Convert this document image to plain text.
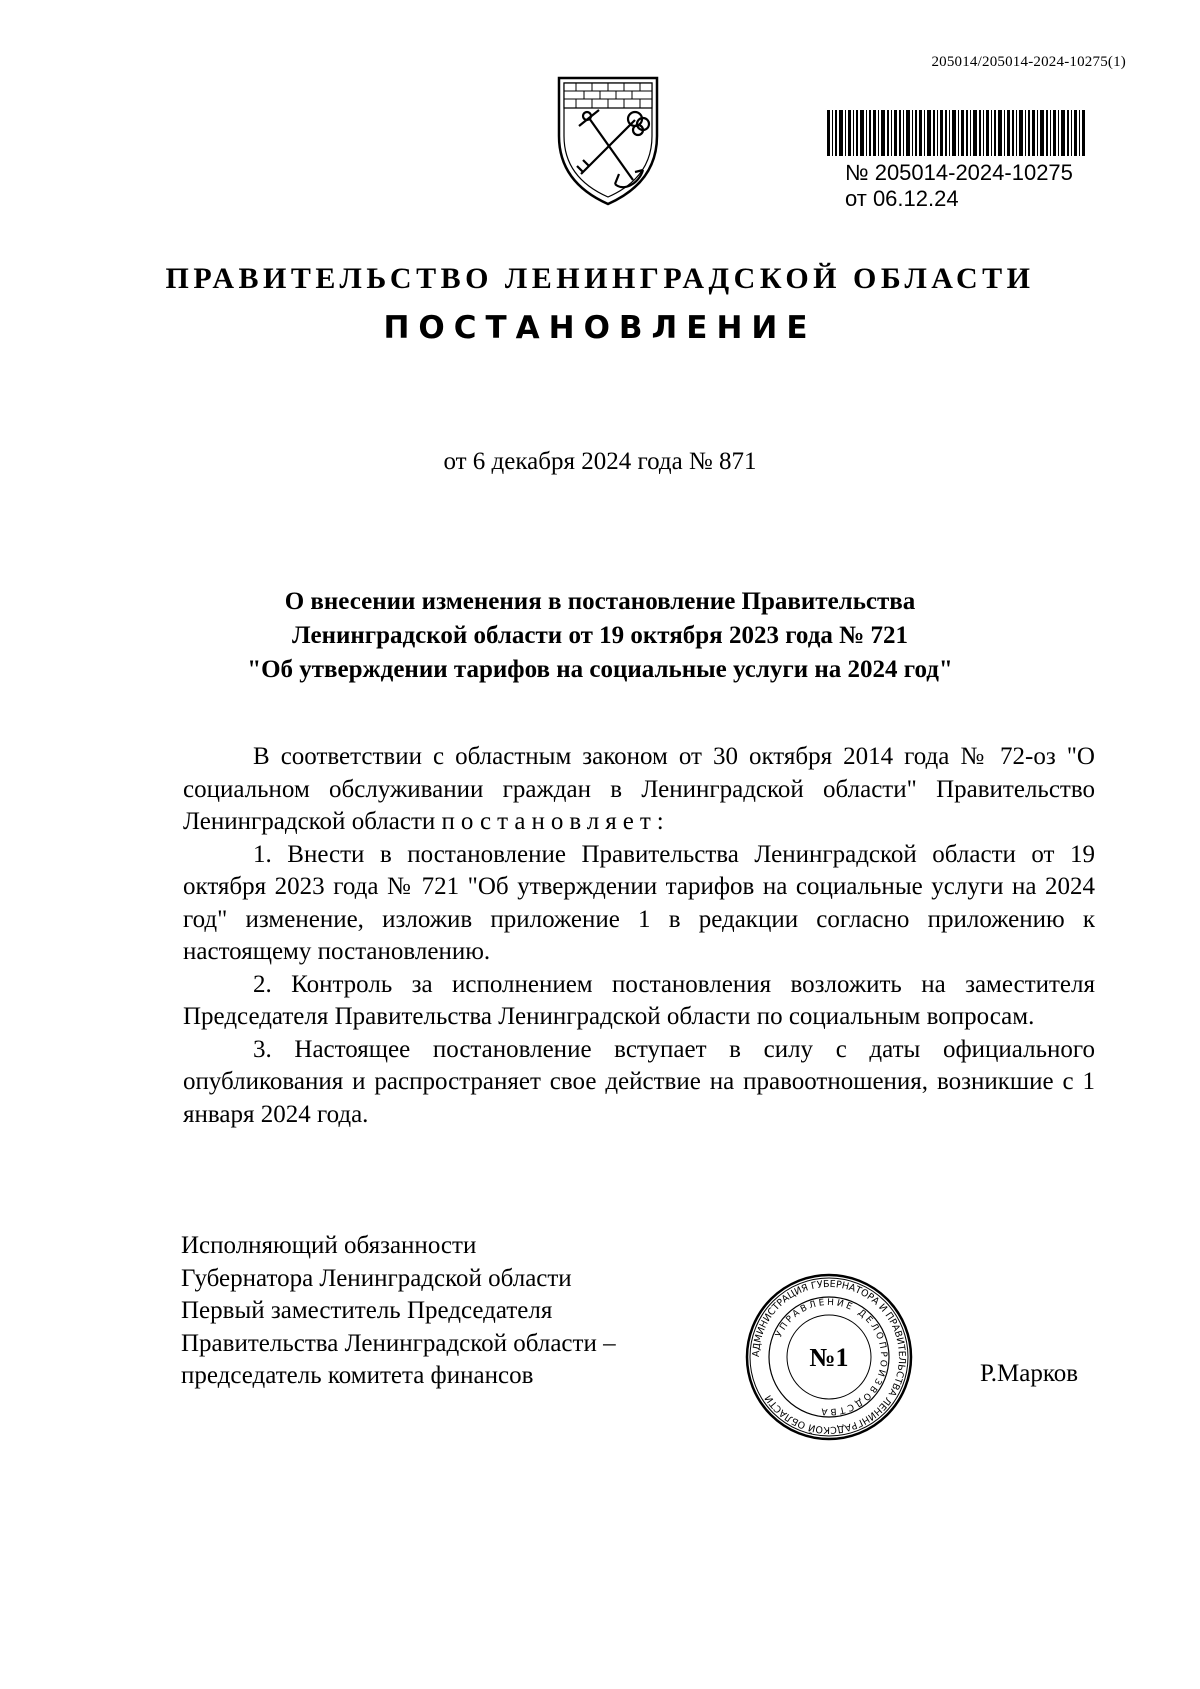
205014/205014-2024-10275(1)
№ 205014-2024-10275
от 06.12.24
ПРАВИТЕЛЬСТВО ЛЕНИНГРАДСКОЙ ОБЛАСТИ
ПОСТАНОВЛЕНИЕ
от 6 декабря 2024 года № 871
О внесении изменения в постановление Правительства
Ленинградской области от 19 октября 2023 года № 721
"Об утверждении тарифов на социальные услуги на 2024 год"
В соответствии с областным законом от 30 октября 2014 года № 72-оз "О социальном обслуживании граждан в Ленинградской области" Правительство Ленинградской области постановляет:
1. Внести в постановление Правительства Ленинградской области от 19 октября 2023 года № 721 "Об утверждении тарифов на социальные услуги на 2024 год" изменение, изложив приложение 1 в редакции согласно приложению к настоящему постановлению.
2. Контроль за исполнением постановления возложить на заместителя Председателя Правительства Ленинградской области по социальным вопросам.
3. Настоящее постановление вступает в силу с даты официального опубликования и распространяет свое действие на правоотношения, возникшие с 1 января 2024 года.
Исполняющий обязанности
Губернатора Ленинградской области
Первый заместитель Председателя
Правительства Ленинградской области –
председатель комитета финансов
АДМИНИСТРАЦИЯ ГУБЕРНАТОРА И ПРАВИТЕЛЬСТВА ЛЕНИНГРАДСКОЙ ОБЛАСТИ
УПРАВЛЕНИЕ ДЕЛОПРОИЗВОДСТВА
№1
Р.Марков
